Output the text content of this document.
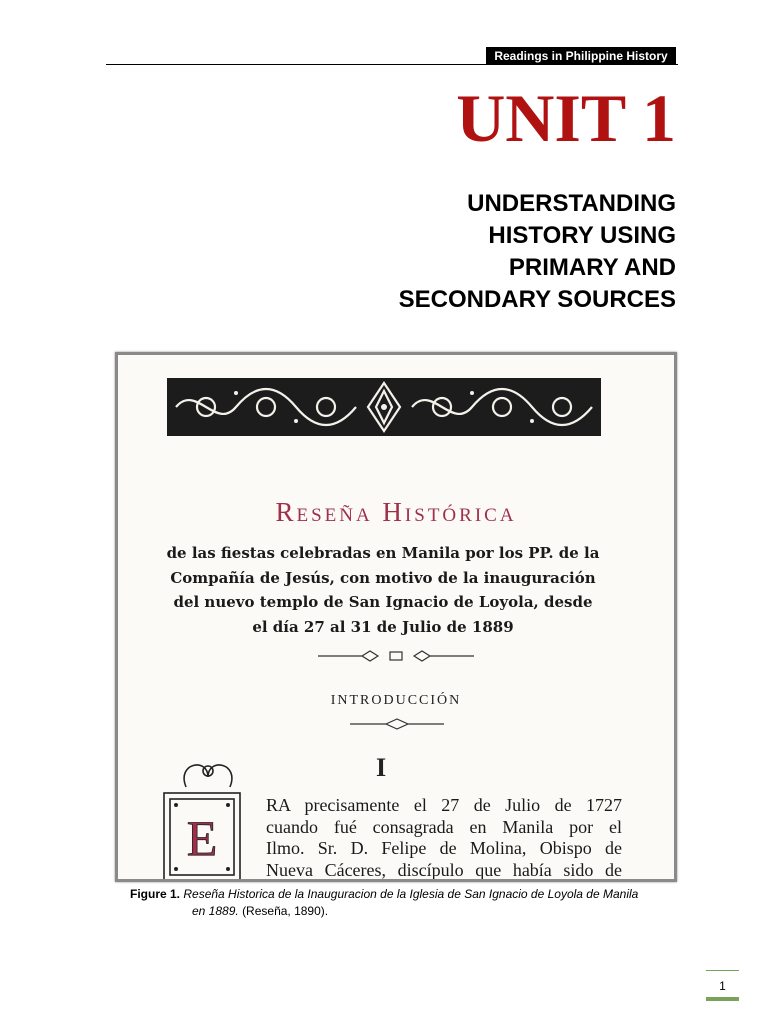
Readings in Philippine History
UNIT 1
UNDERSTANDING
HISTORY USING
PRIMARY AND
SECONDARY SOURCES
Reseña Histórica
de las fiestas celebradas en Manila por los PP. de la
Compañía de Jesús, con motivo de la inauguración
del nuevo templo de San Ignacio de Loyola, desde
el día 27 al 31 de Julio de 1889
INTRODUCCIÓN
I
E
RA precisamente el 27 de Julio de 1727
cuando fué consagrada en Manila por el
Ilmo. Sr. D. Felipe de Molina, Obispo de
Nueva Cáceres, discípulo que había sido de
Figure 1. Reseña Historica de la Inauguracion de la Iglesia de San Ignacio de Loyola de Manila
en 1889. (Reseña, 1890).
1
